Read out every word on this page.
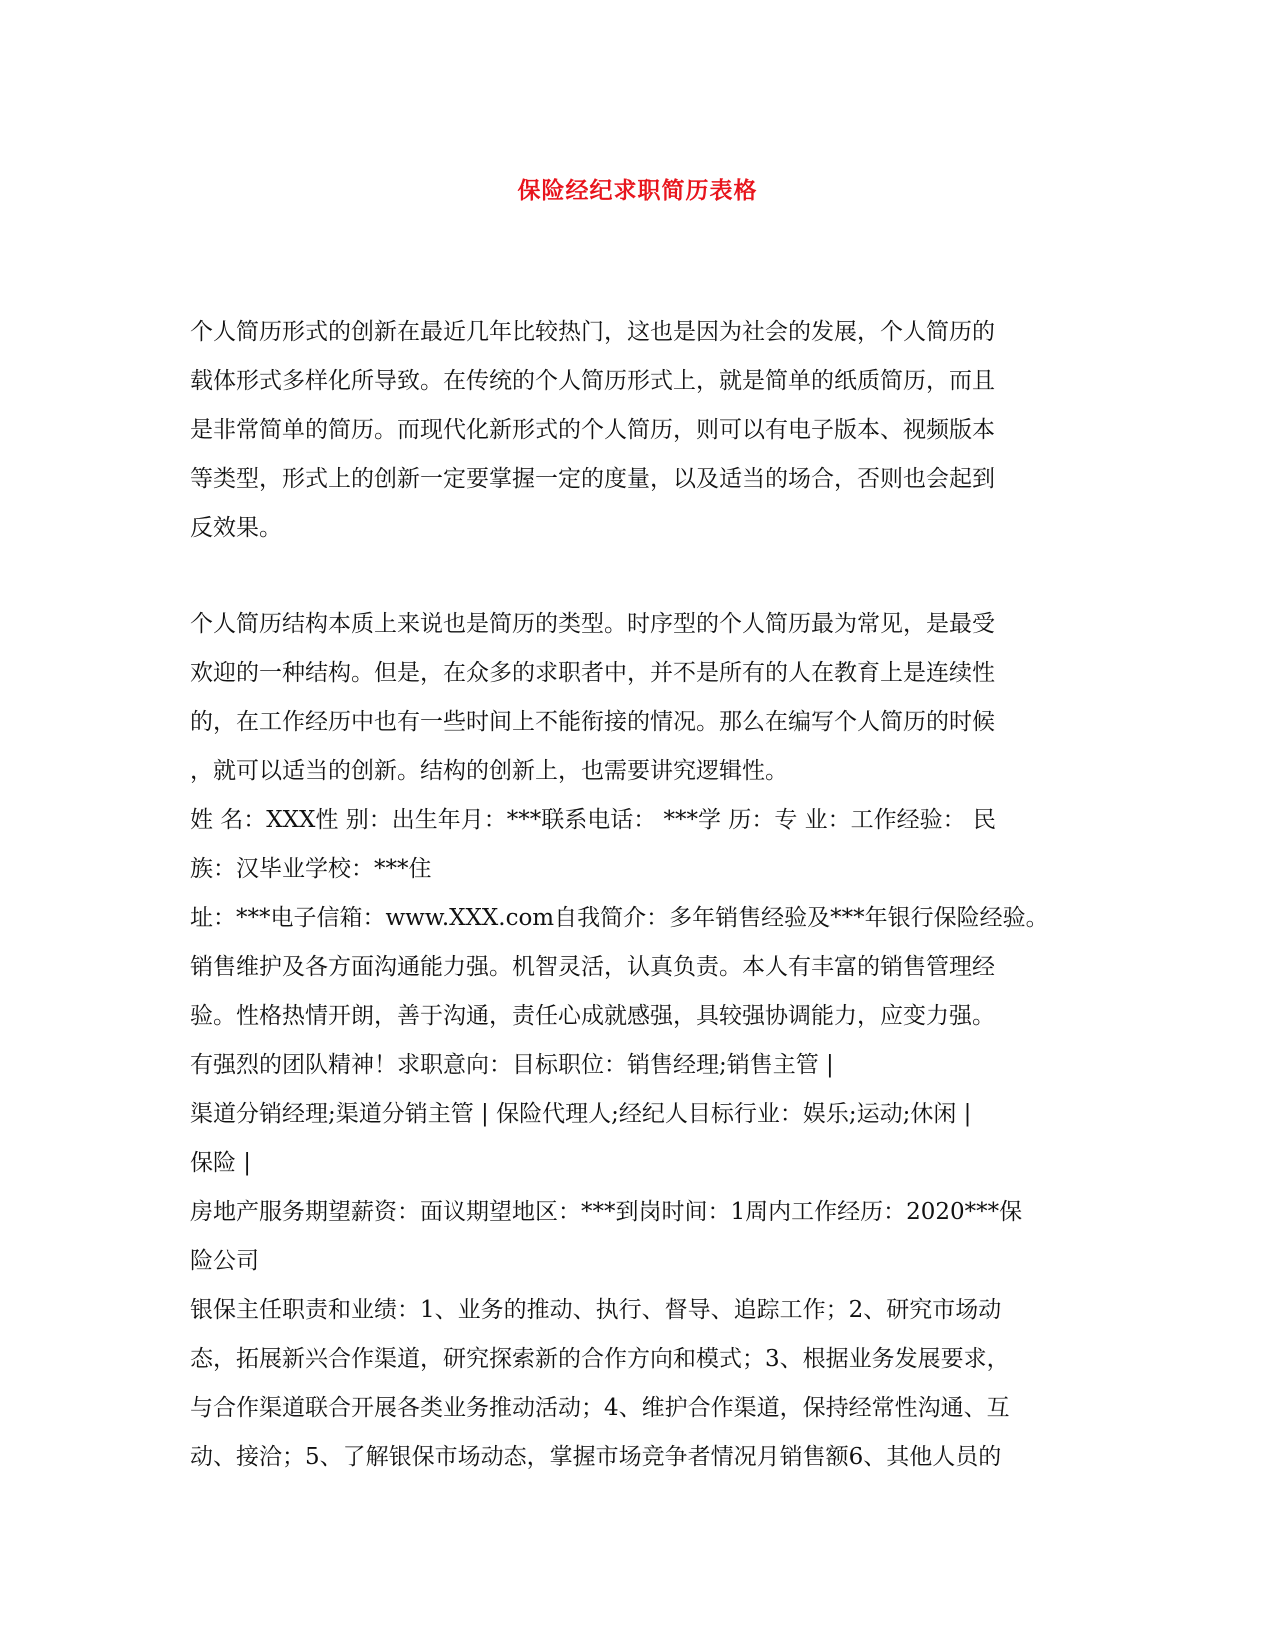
保险经纪求职简历表格
个人简历形式的创新在最近几年比较热门，这也是因为社会的发展，个人简历的
载体形式多样化所导致。在传统的个人简历形式上，就是简单的纸质简历，而且
是非常简单的简历。而现代化新形式的个人简历，则可以有电子版本、视频版本
等类型，形式上的创新一定要掌握一定的度量，以及适当的场合，否则也会起到
反效果。
个人简历结构本质上来说也是简历的类型。时序型的个人简历最为常见，是最受
欢迎的一种结构。但是，在众多的求职者中，并不是所有的人在教育上是连续性
的，在工作经历中也有一些时间上不能衔接的情况。那么在编写个人简历的时候
，就可以适当的创新。结构的创新上，也需要讲究逻辑性。
姓 名：XXX性 别：出生年月：***联系电话： ***学 历：专 业：工作经验： 民
族：汉毕业学校：***住
址：***电子信箱：www.XXX.com自我简介：多年销售经验及***年银行保险经验。
销售维护及各方面沟通能力强。机智灵活，认真负责。本人有丰富的销售管理经
验。性格热情开朗，善于沟通，责任心成就感强，具较强协调能力，应变力强。
有强烈的团队精神！求职意向：目标职位：销售经理;销售主管 |
渠道分销经理;渠道分销主管 | 保险代理人;经纪人目标行业：娱乐;运动;休闲 |
保险 |
房地产服务期望薪资：面议期望地区：***到岗时间：1周内工作经历：2020***保
险公司
银保主任职责和业绩：1、业务的推动、执行、督导、追踪工作；2、研究市场动
态，拓展新兴合作渠道，研究探索新的合作方向和模式；3、根据业务发展要求，
与合作渠道联合开展各类业务推动活动；4、维护合作渠道，保持经常性沟通、互
动、接洽；5、了解银保市场动态，掌握市场竞争者情况月销售额6、其他人员的
